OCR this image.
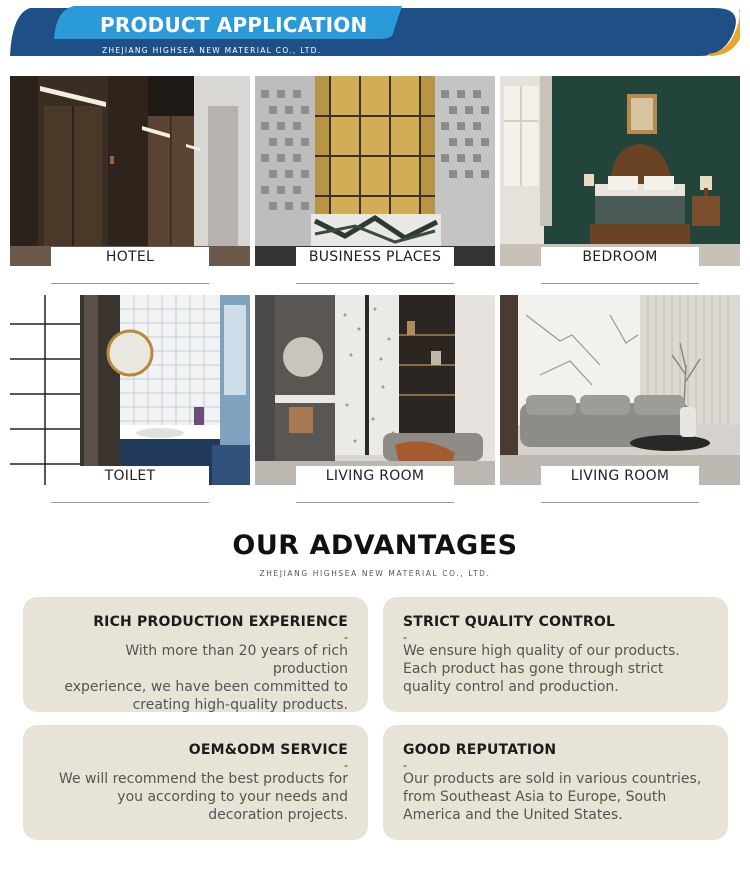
PRODUCT APPLICATION
ZHEJIANG HIGHSEA NEW MATERIAL CO., LTD.
HOTEL	BUSINESS PLACES	BEDROOM
TOILET	LIVING ROOM	LIVING ROOM
OUR ADVANTAGES
ZHEJIANG HIGHSEA NEW MATERIAL CO., LTD.
RICH PRODUCTION EXPERIENCE
-

With more than 20 years of rich production
experience, we have been committed to
creating high-quality products.

STRICT QUALITY CONTROL
-

We ensure high quality of our products.
Each product has gone through strict
quality control and production.

OEM&ODM SERVICE
-

We will recommend the best products for
you according to your needs and
decoration projects.

GOOD REPUTATION
-

Our products are sold in various countries,
from Southeast Asia to Europe, South
America and the United States.
